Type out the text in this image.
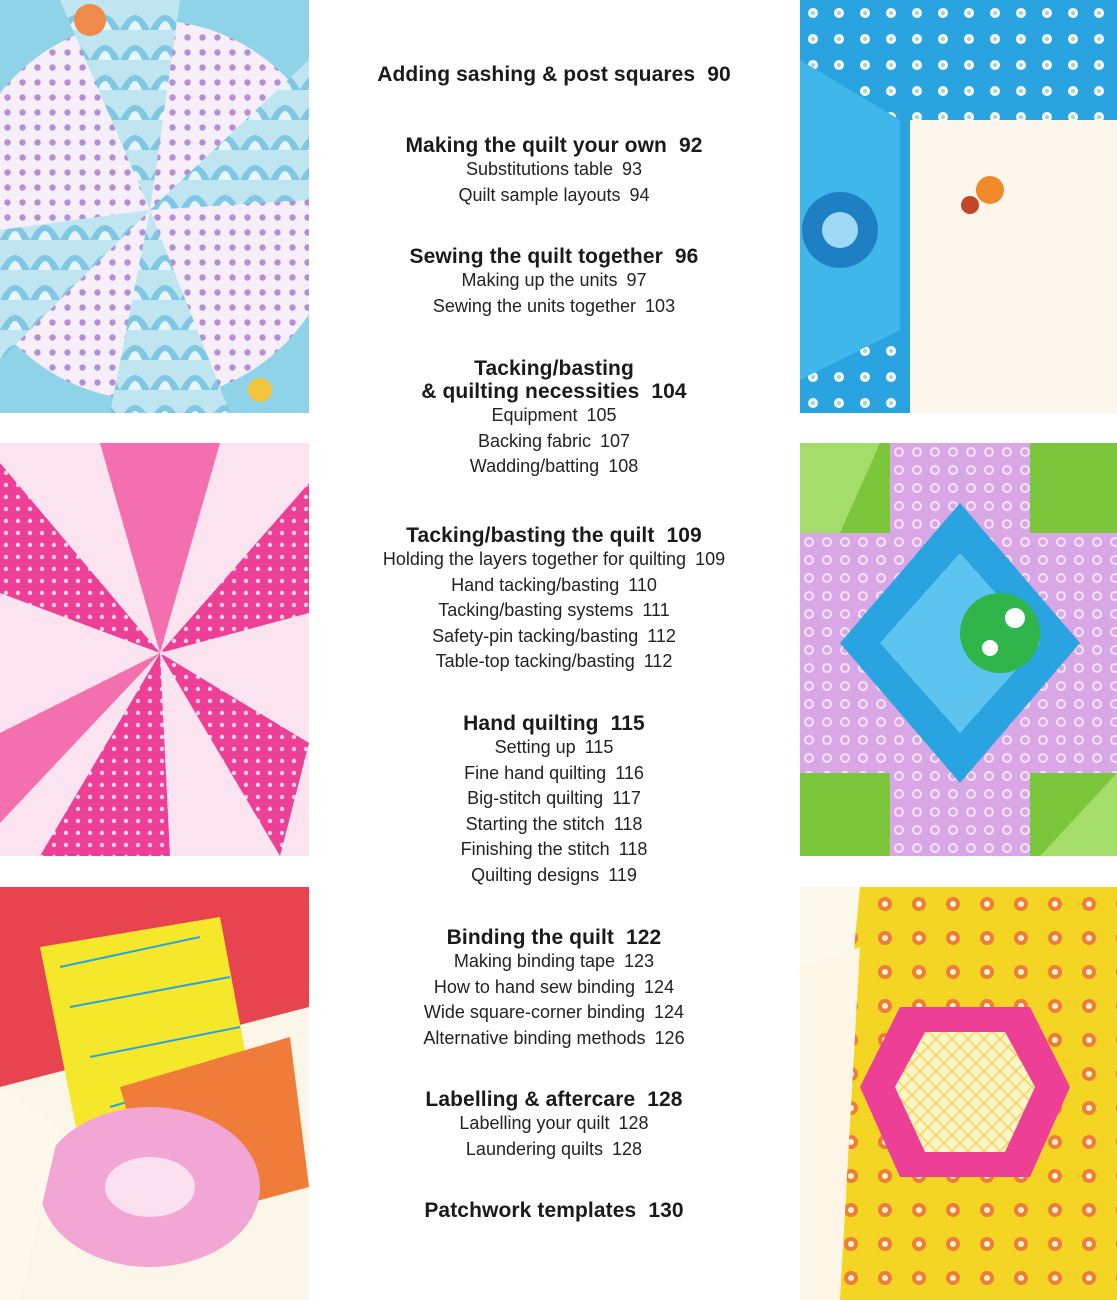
Adding sashing & post squares 90

Making the quilt your own 92

Substitutions table 93

Quilt sample layouts 94

Sewing the quilt together 96

Making up the units 97

Sewing the units together 103

Tacking/basting
& quilting necessities 104

Equipment 105

Backing fabric 107

Wadding/batting 108

Tacking/basting the quilt 109

Holding the layers together for quilting 109

Hand tacking/basting 110

Tacking/basting systems 111

Safety-pin tacking/basting 112

Table-top tacking/basting 112

Hand quilting 115

Setting up 115

Fine hand quilting 116

Big-stitch quilting 117

Starting the stitch 118

Finishing the stitch 118

Quilting designs 119

Binding the quilt 122

Making binding tape 123

How to hand sew binding 124

Wide square-corner binding 124

Alternative binding methods 126

Labelling & aftercare 128

Labelling your quilt 128

Laundering quilts 128

Patchwork templates 130
